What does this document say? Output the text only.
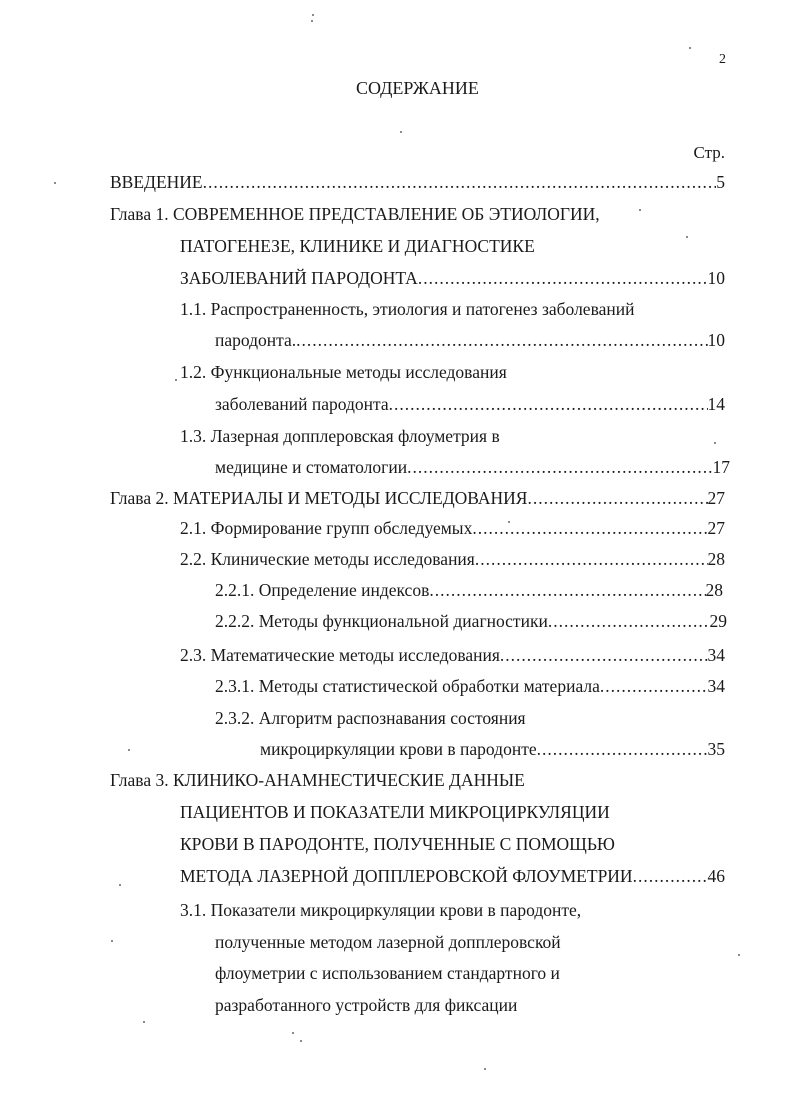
2
СОДЕРЖАНИЕ
Стр.
ВВЕДЕНИЕ .....	5
Глава 1. СОВРЕМЕННОЕ ПРЕДСТАВЛЕНИЕ ОБ ЭТИОЛОГИИ,
ПАТОГЕНЕЗЕ, КЛИНИКЕ И ДИАГНОСТИКЕ
ЗАБОЛЕВАНИЙ ПАРОДОНТА .....	10
1.1. Распространенность, этиология и патогенез заболеваний
пародонта. .....	10
1.2. Функциональные методы исследования
заболеваний пародонта .....	14
1.3. Лазерная допплеровская флоуметрия в
медицине и стоматологии .....	17
Глава 2. МАТЕРИАЛЫ И МЕТОДЫ ИССЛЕДОВАНИЯ .....	27
2.1. Формирование групп обследуемых .....	27
2.2. Клинические методы исследования .....	28
2.2.1. Определение индексов .....	28
2.2.2. Методы функциональной диагностики .....	29
2.3. Математические методы исследования .....	34
2.3.1. Методы статистической обработки материала .....	34
2.3.2. Алгоритм распознавания состояния
микроциркуляции крови в пародонте .....	35
Глава 3. КЛИНИКО-АНАМНЕСТИЧЕСКИЕ ДАННЫЕ
ПАЦИЕНТОВ И ПОКАЗАТЕЛИ МИКРОЦИРКУЛЯЦИИ
КРОВИ В ПАРОДОНТЕ, ПОЛУЧЕННЫЕ С ПОМОЩЬЮ
МЕТОДА ЛАЗЕРНОЙ ДОППЛЕРОВСКОЙ ФЛОУМЕТРИИ .....	46
3.1. Показатели микроциркуляции крови в пародонте,
полученные методом лазерной допплеровской
флоуметрии с использованием стандартного и
разработанного устройств для фиксации
